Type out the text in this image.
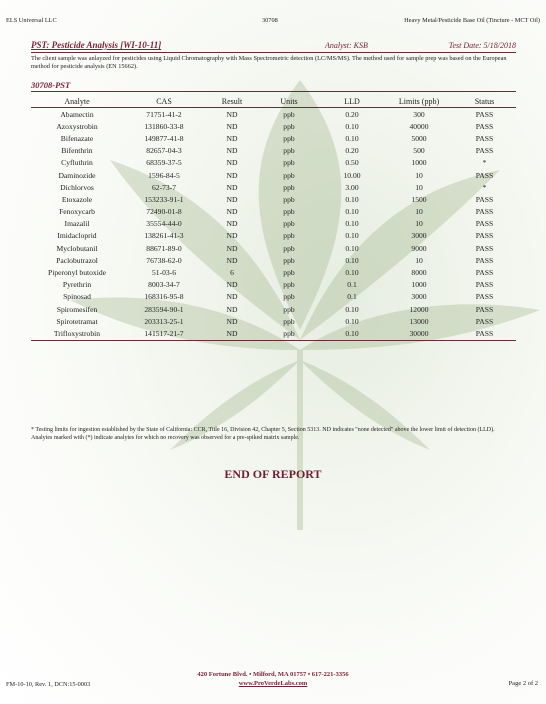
ELS Universal LLC	30708	Heavy Metal/Pesticide Base Oil (Tincture - MCT Oil)
PST: Pesticide Analysis [WI-10-11]	Analyst: KSB	Test Date: 5/18/2018
The client sample was anlayzed for pesticides using Liquid Chromatography with Mass Spectrometric detection (LC/MS/MS). The method used for sample prep was based on the European method for pesticide analysis (EN 15662).
30708-PST
Analyte	CAS	Result	Units	LLD	Limits (ppb)	Status
Abamectin	71751-41-2	ND	ppb	0.20	300	PASS
Azoxystrobin	131860-33-8	ND	ppb	0.10	40000	PASS
Bifenazate	149877-41-8	ND	ppb	0.10	5000	PASS
Bifenthrin	82657-04-3	ND	ppb	0.20	500	PASS
Cyfluthrin	68359-37-5	ND	ppb	0.50	1000	*
Daminozide	1596-84-5	ND	ppb	10.00	10	PASS
Dichlorvos	62-73-7	ND	ppb	3.00	10	*
Etoxazole	153233-91-1	ND	ppb	0.10	1500	PASS
Fenoxycarb	72490-01-8	ND	ppb	0.10	10	PASS
Imazalil	35554-44-0	ND	ppb	0.10	10	PASS
Imidacloprid	138261-41-3	ND	ppb	0.10	3000	PASS
Myclobutanil	88671-89-0	ND	ppb	0.10	9000	PASS
Paclobutrazol	76738-62-0	ND	ppb	0.10	10	PASS
Piperonyl butoxide	51-03-6	6	ppb	0.10	8000	PASS
Pyrethrin	8003-34-7	ND	ppb	0.1	1000	PASS
Spinosad	168316-95-8	ND	ppb	0.1	3000	PASS
Spiromesifen	283594-90-1	ND	ppb	0.10	12000	PASS
Spirotetramat	203313-25-1	ND	ppb	0.10	13000	PASS
Trifloxystrobin	141517-21-7	ND	ppb	0.10	30000	PASS
* Testing limits for ingestion established by the State of California: CCR, Title 16, Division 42, Chapter 5, Section 5313. ND indicates "none detected" above the lower limit of detection (LLD). Analytes marked with (*) indicate analytes for which no recovery was observed for a pre-spiked matrix sample.
END OF REPORT
420 Fortune Blvd. • Milford, MA 01757 • 617-221-3356
www.ProVerdeLabs.com
FM-10-10, Rev. 1, DCN:15-0003	Page 2 of 2
